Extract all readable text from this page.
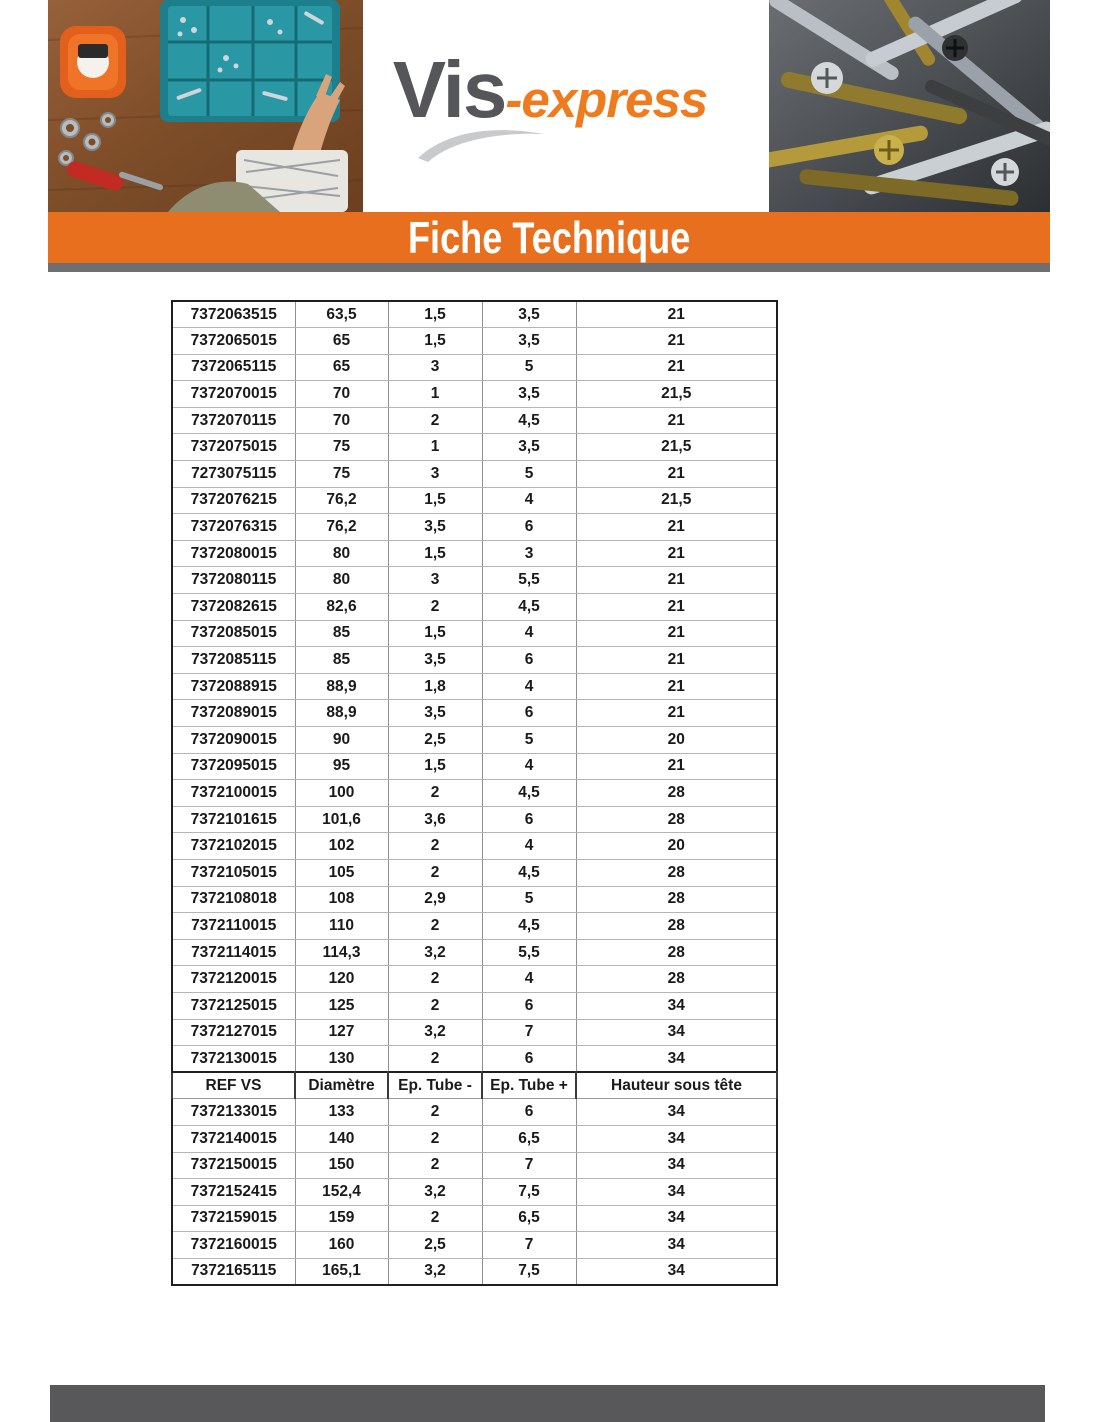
Vis-express
Fiche Technique
7372063515	63,5	1,5	3,5	21
7372065015	65	1,5	3,5	21
7372065115	65	3	5	21
7372070015	70	1	3,5	21,5
7372070115	70	2	4,5	21
7372075015	75	1	3,5	21,5
7273075115	75	3	5	21
7372076215	76,2	1,5	4	21,5
7372076315	76,2	3,5	6	21
7372080015	80	1,5	3	21
7372080115	80	3	5,5	21
7372082615	82,6	2	4,5	21
7372085015	85	1,5	4	21
7372085115	85	3,5	6	21
7372088915	88,9	1,8	4	21
7372089015	88,9	3,5	6	21
7372090015	90	2,5	5	20
7372095015	95	1,5	4	21
7372100015	100	2	4,5	28
7372101615	101,6	3,6	6	28
7372102015	102	2	4	20
7372105015	105	2	4,5	28
7372108018	108	2,9	5	28
7372110015	110	2	4,5	28
7372114015	114,3	3,2	5,5	28
7372120015	120	2	4	28
7372125015	125	2	6	34
7372127015	127	3,2	7	34
7372130015	130	2	6	34
REF VS	Diamètre	Ep. Tube -	Ep. Tube +	Hauteur sous tête
7372133015	133	2	6	34
7372140015	140	2	6,5	34
7372150015	150	2	7	34
7372152415	152,4	3,2	7,5	34
7372159015	159	2	6,5	34
7372160015	160	2,5	7	34
7372165115	165,1	3,2	7,5	34
